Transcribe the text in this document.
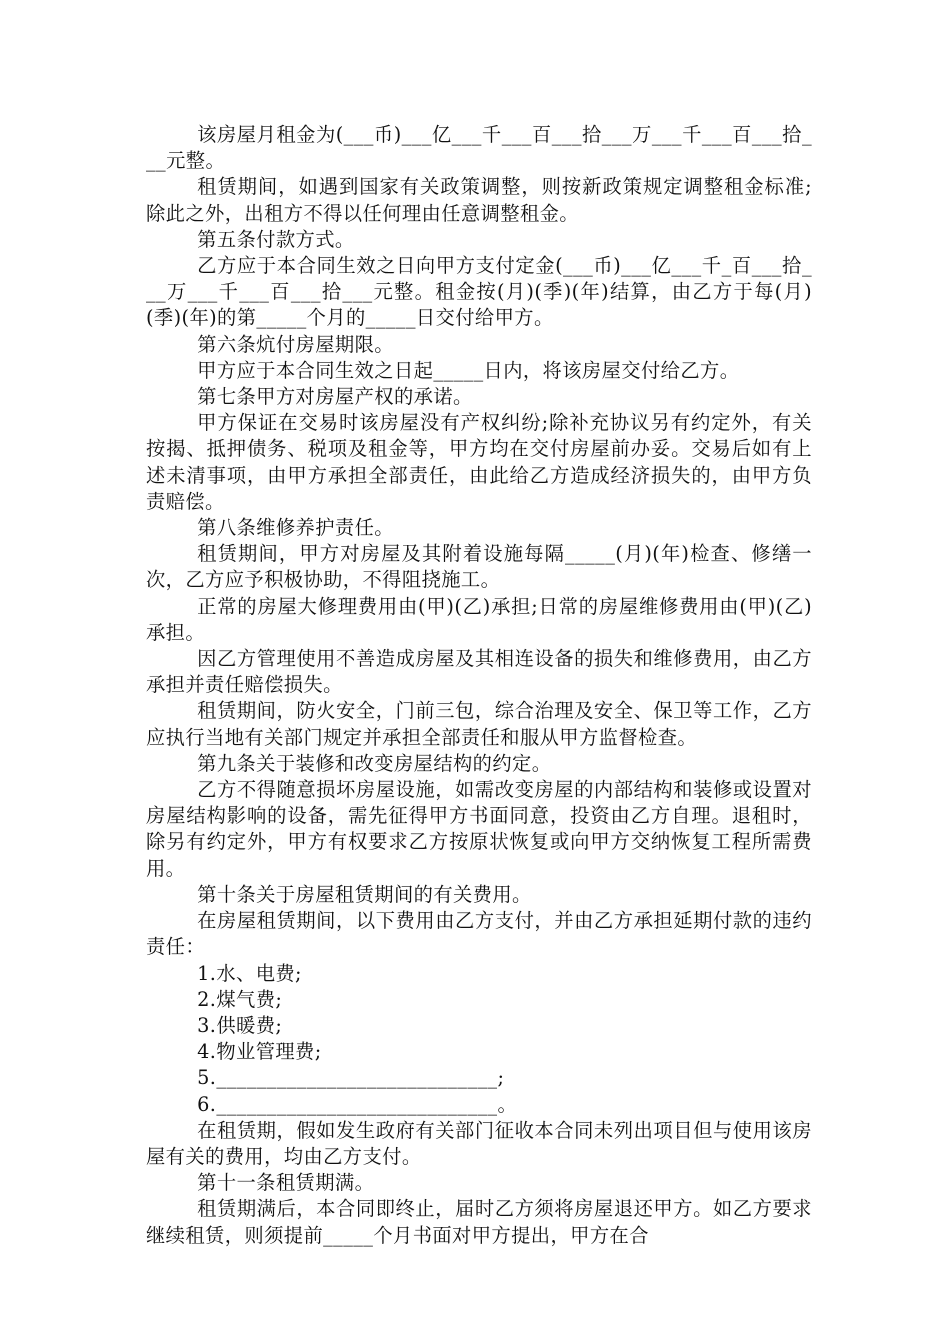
该房屋月租金为(___币)___亿___千___百___拾___万___千___百___拾___元整。

租赁期间，如遇到国家有关政策调整，则按新政策规定调整租金标准;除此之外，出租方不得以任何理由任意调整租金。

第五条付款方式。

乙方应于本合同生效之日向甲方支付定金(___币)___亿___千_百___拾___万___千___百___拾___元整。租金按(月)(季)(年)结算，由乙方于每(月)(季)(年)的第_____个月的_____日交付给甲方。

第六条炕付房屋期限。

甲方应于本合同生效之日起_____日内，将该房屋交付给乙方。

第七条甲方对房屋产权的承诺。

甲方保证在交易时该房屋没有产权纠纷;除补充协议另有约定外，有关按揭、抵押债务、税项及租金等，甲方均在交付房屋前办妥。交易后如有上述未清事项，由甲方承担全部责任，由此给乙方造成经济损失的，由甲方负责赔偿。

第八条维修养护责任。

租赁期间，甲方对房屋及其附着设施每隔_____(月)(年)检查、修缮一次，乙方应予积极协助，不得阻挠施工。

正常的房屋大修理费用由(甲)(乙)承担;日常的房屋维修费用由(甲)(乙)承担。

因乙方管理使用不善造成房屋及其相连设备的损失和维修费用，由乙方承担并责任赔偿损失。

租赁期间，防火安全，门前三包，综合治理及安全、保卫等工作，乙方应执行当地有关部门规定并承担全部责任和服从甲方监督检查。

第九条关于装修和改变房屋结构的约定。

乙方不得随意损坏房屋设施，如需改变房屋的内部结构和装修或设置对房屋结构影响的设备，需先征得甲方书面同意，投资由乙方自理。退租时，除另有约定外，甲方有权要求乙方按原状恢复或向甲方交纳恢复工程所需费用。

第十条关于房屋租赁期间的有关费用。

在房屋租赁期间，以下费用由乙方支付，并由乙方承担延期付款的违约责任：

1.水、电费;

2.煤气费;

3.供暖费;

4.物业管理费;

5.____________________________;

6.____________________________。

在租赁期，假如发生政府有关部门征收本合同未列出项目但与使用该房屋有关的费用，均由乙方支付。

第十一条租赁期满。

租赁期满后，本合同即终止，届时乙方须将房屋退还甲方。如乙方要求继续租赁，则须提前_____个月书面对甲方提出，甲方在合
